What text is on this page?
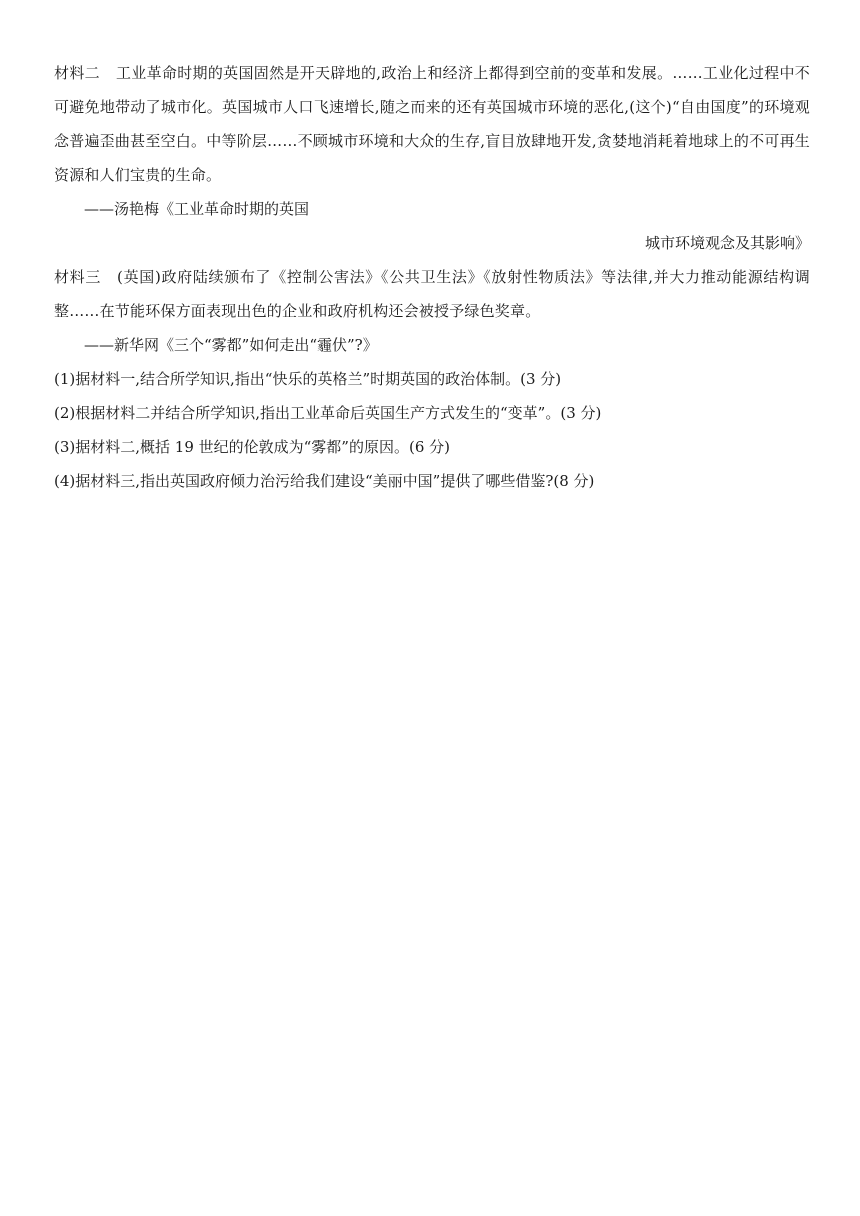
材料二 工业革命时期的英国固然是开天辟地的,政治上和经济上都得到空前的变革和发展。……工业化过程中不可避免地带动了城市化。英国城市人口飞速增长,随之而来的还有英国城市环境的恶化,(这个)“自由国度”的环境观念普遍歪曲甚至空白。中等阶层……不顾城市环境和大众的生存,盲目放肆地开发,贪婪地消耗着地球上的不可再生资源和人们宝贵的生命。

——汤艳梅《工业革命时期的英国

城市环境观念及其影响》

材料三 (英国)政府陆续颁布了《控制公害法》《公共卫生法》《放射性物质法》等法律,并大力推动能源结构调整……在节能环保方面表现出色的企业和政府机构还会被授予绿色奖章。

——新华网《三个“雾都”如何走出“霾伏”?》

(1)据材料一,结合所学知识,指出“快乐的英格兰”时期英国的政治体制。(3 分)

(2)根据材料二并结合所学知识,指出工业革命后英国生产方式发生的“变革”。(3 分)

(3)据材料二,概括 19 世纪的伦敦成为“雾都”的原因。(6 分)

(4)据材料三,指出英国政府倾力治污给我们建设“美丽中国”提供了哪些借鉴?(8 分)
